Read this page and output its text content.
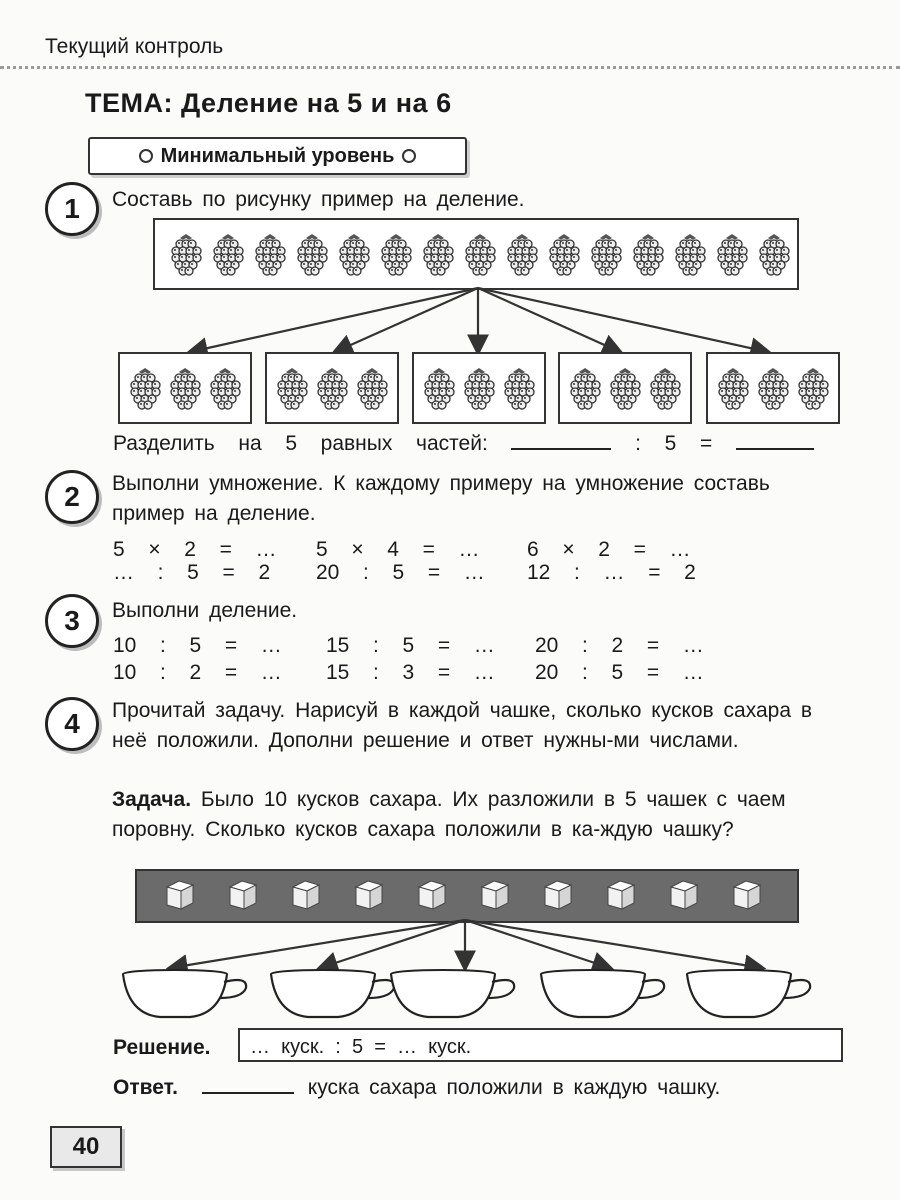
Текущий контроль
ТЕМА: Деление на 5 и на 6
Минимальный уровень
1	Составь по рисунку пример на деление.
Разделить  на  5  равных  частей:	:  5  =
2	Выполни умножение. К каждому примеру на умножение составь пример на деление.
5  ×  2  =  … 5  ×  4  =  … 6  ×  2  =  …
…  :  5  =  2 20  :  5  =  … 12  :  …  =  2
3	Выполни деление.
10  :  5  =  … 15  :  5  =  … 20  :  2  =  …
10  :  2  =  … 15  :  3  =  … 20  :  5  =  …
4	Прочитай задачу. Нарисуй в каждой чашке, сколько кусков сахара в неё положили. Дополни решение и ответ нужны-ми числами.
Задача. Было 10 кусков сахара. Их разложили в 5 чашек с чаем поровну. Сколько кусков сахара положили в ка-ждую чашку?
Решение.	…  куск.  :  5  =  …  куск.
Ответ.	куска сахара положили в каждую чашку.
40
